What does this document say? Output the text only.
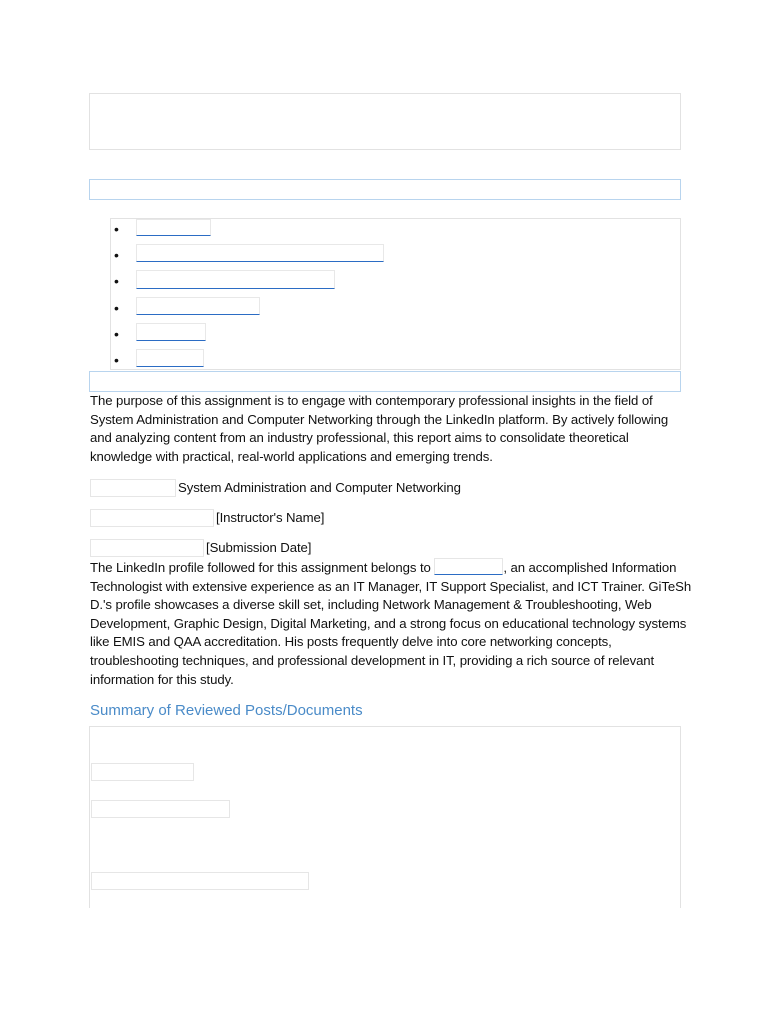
•
•
•
•
•
•
The purpose of this assignment is to engage with contemporary professional insights in the field of
System Administration and Computer Networking through the LinkedIn platform. By actively following
and analyzing content from an industry professional, this report aims to consolidate theoretical
knowledge with practical, real-world applications and emerging trends.
System Administration and Computer Networking
[Instructor's Name]
[Submission Date]
The LinkedIn profile followed for this assignment belongs to	, an accomplished Information
Technologist with extensive experience as an IT Manager, IT Support Specialist, and ICT Trainer. GiTeSh
D.'s profile showcases a diverse skill set, including Network Management & Troubleshooting, Web
Development, Graphic Design, Digital Marketing, and a strong focus on educational technology systems
like EMIS and QAA accreditation. His posts frequently delve into core networking concepts,
troubleshooting techniques, and professional development in IT, providing a rich source of relevant
information for this study.
Summary of Reviewed Posts/Documents
